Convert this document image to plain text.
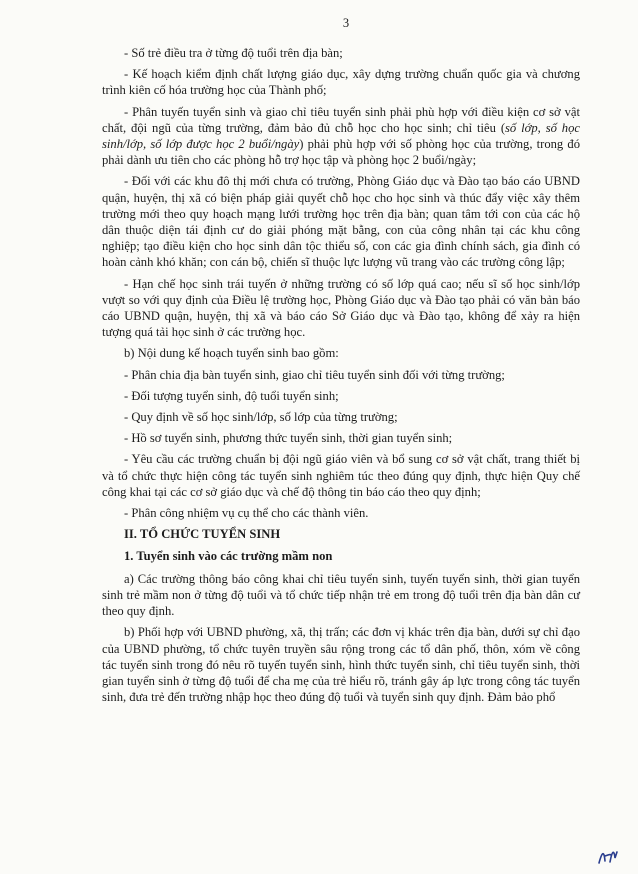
3

- Số trẻ điều tra ở từng độ tuổi trên địa bàn;

- Kế hoạch kiểm định chất lượng giáo dục, xây dựng trường chuẩn quốc gia và chương trình kiên cố hóa trường học của Thành phố;

- Phân tuyến tuyển sinh và giao chỉ tiêu tuyển sinh phải phù hợp với điều kiện cơ sở vật chất, đội ngũ của từng trường, đảm bảo đủ chỗ học cho học sinh; chỉ tiêu (số lớp, số học sinh/lớp, số lớp được học 2 buổi/ngày) phải phù hợp với số phòng học của trường, trong đó phải dành ưu tiên cho các phòng hỗ trợ học tập và phòng học 2 buổi/ngày;

- Đối với các khu đô thị mới chưa có trường, Phòng Giáo dục và Đào tạo báo cáo UBND quận, huyện, thị xã có biện pháp giải quyết chỗ học cho học sinh và thúc đẩy việc xây thêm trường mới theo quy hoạch mạng lưới trường học trên địa bàn; quan tâm tới con của các hộ dân thuộc diện tái định cư do giải phóng mặt bằng, con của công nhân tại các khu công nghiệp; tạo điều kiện cho học sinh dân tộc thiểu số, con các gia đình chính sách, gia đình có hoàn cảnh khó khăn; con cán bộ, chiến sĩ thuộc lực lượng vũ trang vào các trường công lập;

- Hạn chế học sinh trái tuyến ở những trường có số lớp quá cao; nếu sĩ số học sinh/lớp vượt so với quy định của Điều lệ trường học, Phòng Giáo dục và Đào tạo phải có văn bản báo cáo UBND quận, huyện, thị xã và báo cáo Sở Giáo dục và Đào tạo, không để xảy ra hiện tượng quá tải học sinh ở các trường học.

b) Nội dung kế hoạch tuyển sinh bao gồm:

- Phân chia địa bàn tuyển sinh, giao chỉ tiêu tuyển sinh đối với từng trường;

- Đối tượng tuyển sinh, độ tuổi tuyển sinh;

- Quy định về số học sinh/lớp, số lớp của từng trường;

- Hồ sơ tuyển sinh, phương thức tuyển sinh, thời gian tuyển sinh;

- Yêu cầu các trường chuẩn bị đội ngũ giáo viên và bổ sung cơ sở vật chất, trang thiết bị và tổ chức thực hiện công tác tuyển sinh nghiêm túc theo đúng quy định, thực hiện Quy chế công khai tại các cơ sở giáo dục và chế độ thông tin báo cáo theo quy định;

- Phân công nhiệm vụ cụ thể cho các thành viên.

II. TỔ CHỨC TUYỂN SINH

1. Tuyển sinh vào các trường mầm non

a) Các trường thông báo công khai chỉ tiêu tuyển sinh, tuyến tuyển sinh, thời gian tuyển sinh trẻ mầm non ở từng độ tuổi và tổ chức tiếp nhận trẻ em trong độ tuổi trên địa bàn dân cư theo quy định.

b) Phối hợp với UBND phường, xã, thị trấn; các đơn vị khác trên địa bàn, dưới sự chỉ đạo của UBND phường, tổ chức tuyên truyền sâu rộng trong các tổ dân phố, thôn, xóm về công tác tuyển sinh trong đó nêu rõ tuyến tuyển sinh, hình thức tuyển sinh, chỉ tiêu tuyển sinh, thời gian tuyển sinh ở từng độ tuổi để cha mẹ của trẻ hiểu rõ, tránh gây áp lực trong công tác tuyển sinh, đưa trẻ đến trường nhập học theo đúng độ tuổi và tuyển sinh quy định. Đảm bảo phổ
